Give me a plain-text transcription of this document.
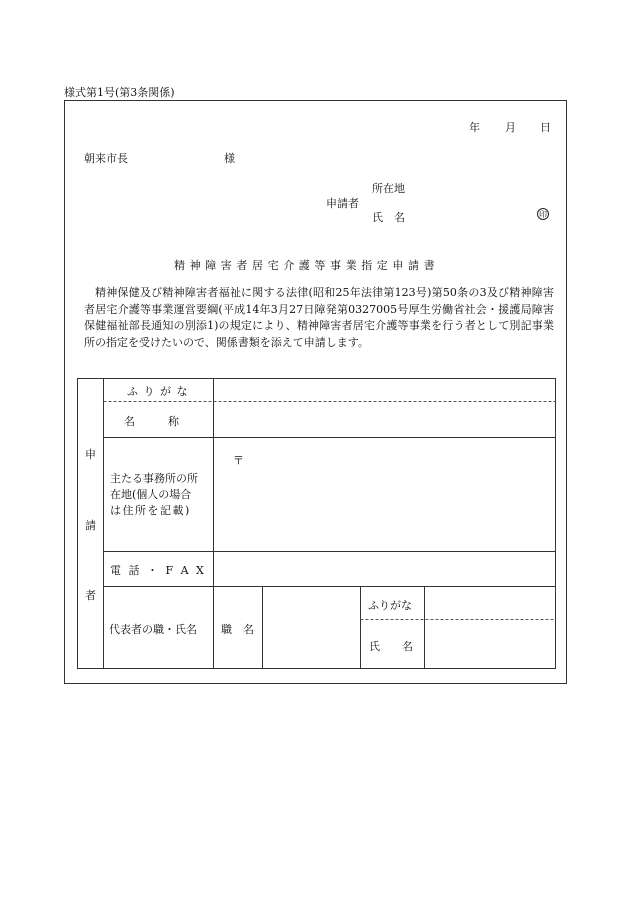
様式第1号(第3条関係)
年 月 日
朝来市長	様
所在地
申請者
氏　名	印
精神障害者居宅介護等事業指定申請書
精神保健及び精神障害者福祉に関する法律(昭和25年法律第123号)第50条の3及び精神障害者居宅介護等事業運営要綱(平成14年3月27日障発第0327005号厚生労働省社会・援護局障害保健福祉部長通知の別添1)の規定により、精神障害者居宅介護等事業を行う者として別記事業所の指定を受けたいので、関係書類を添えて申請します。
申
請
者
ふ り が な
名　　　称
主たる事務所の所
在地(個人の場合
は住所を記載)
〒
電 話 ・ F A X
代表者の職・氏名 職　名
ふりがな
氏　　名
